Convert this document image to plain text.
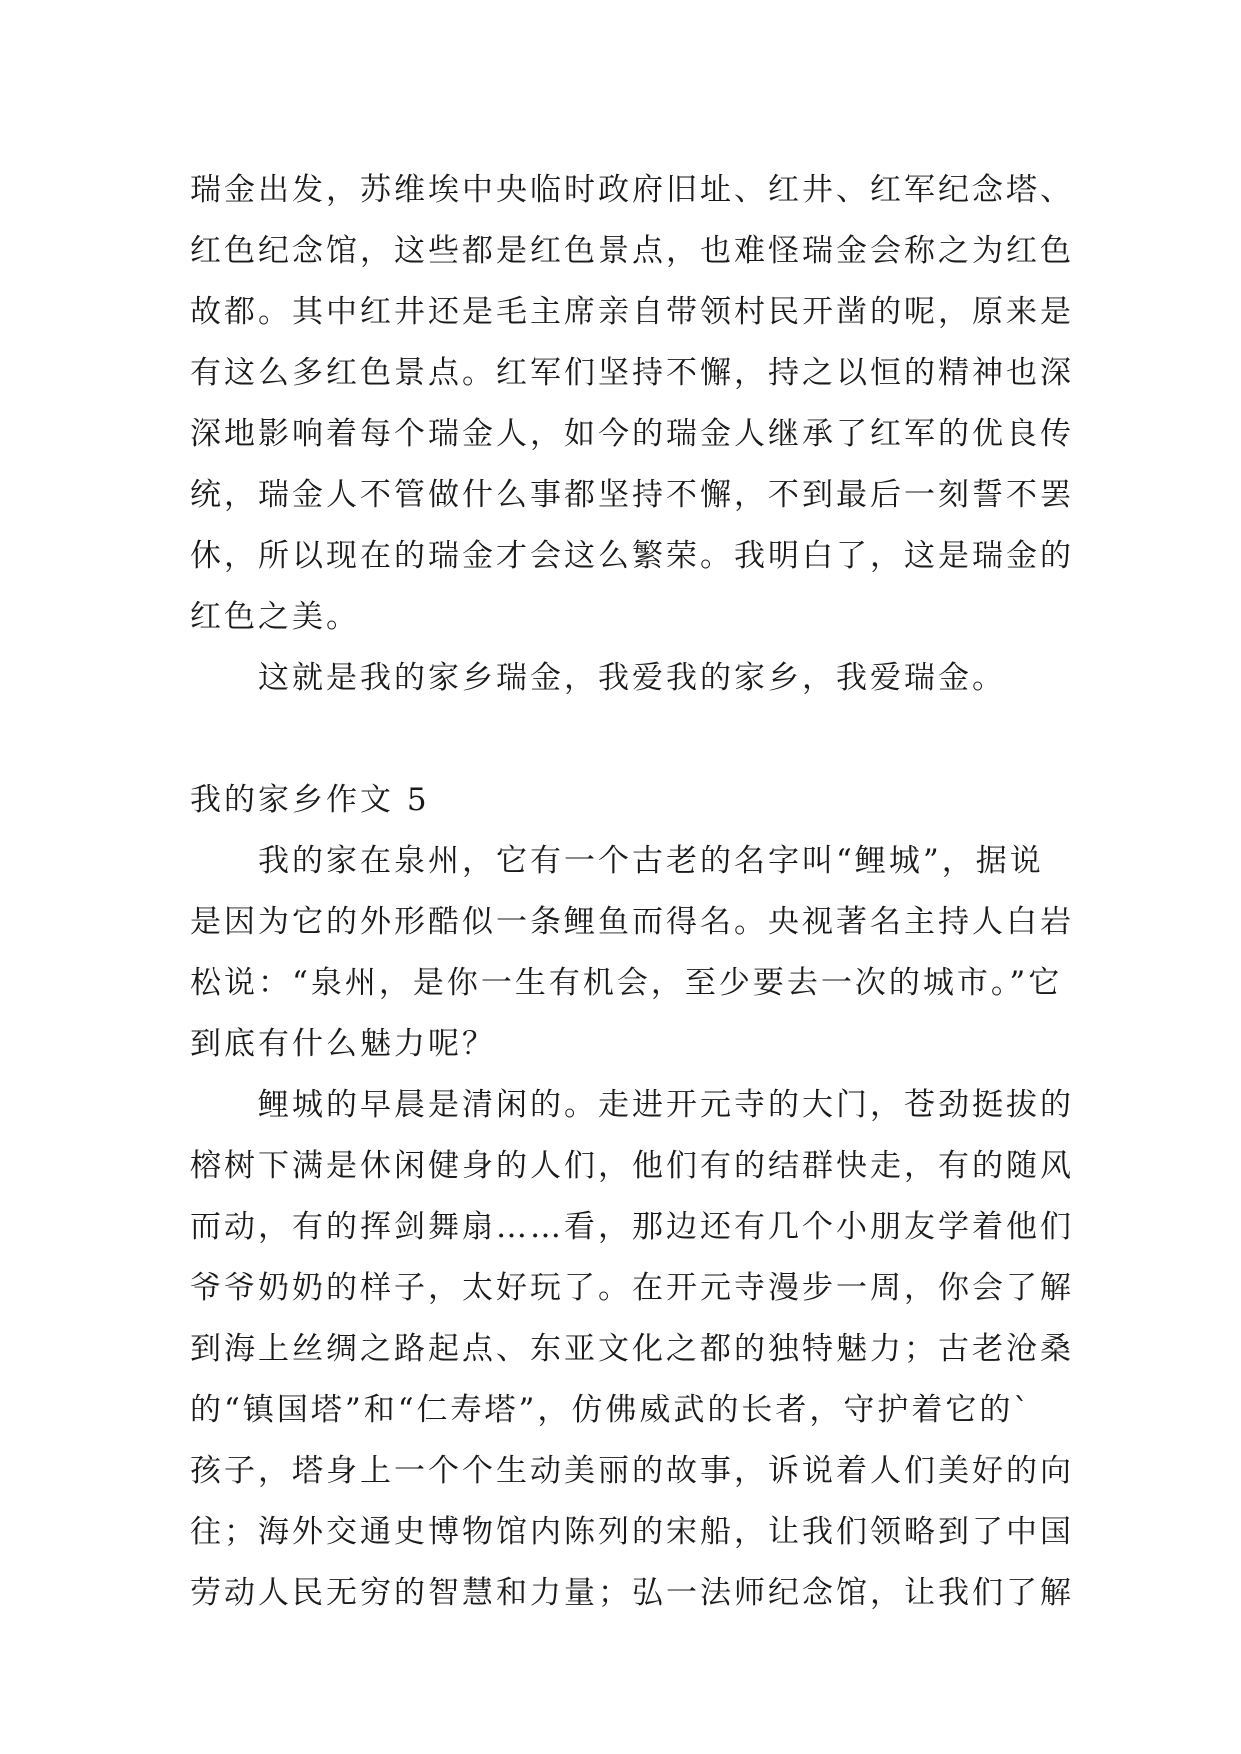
瑞金出发，苏维埃中央临时政府旧址、红井、红军纪念塔、
红色纪念馆，这些都是红色景点，也难怪瑞金会称之为红色
故都。其中红井还是毛主席亲自带领村民开凿的呢，原来是
有这么多红色景点。红军们坚持不懈，持之以恒的精神也深
深地影响着每个瑞金人，如今的瑞金人继承了红军的优良传
统，瑞金人不管做什么事都坚持不懈，不到最后一刻誓不罢
休，所以现在的瑞金才会这么繁荣。我明白了，这是瑞金的
红色之美。
　　这就是我的家乡瑞金，我爱我的家乡，我爱瑞金。
我的家乡作文 5
　　我的家在泉州，它有一个古老的名字叫“鲤城”，据说
是因为它的外形酷似一条鲤鱼而得名。央视著名主持人白岩
松说：“泉州，是你一生有机会，至少要去一次的城市。”它
到底有什么魅力呢？
　　鲤城的早晨是清闲的。走进开元寺的大门，苍劲挺拔的
榕树下满是休闲健身的人们，他们有的结群快走，有的随风
而动，有的挥剑舞扇……看，那边还有几个小朋友学着他们
爷爷奶奶的样子，太好玩了。在开元寺漫步一周，你会了解
到海上丝绸之路起点、东亚文化之都的独特魅力；古老沧桑
的“镇国塔”和“仁寿塔”，仿佛威武的长者，守护着它的`
孩子，塔身上一个个生动美丽的故事，诉说着人们美好的向
往；海外交通史博物馆内陈列的宋船，让我们领略到了中国
劳动人民无穷的智慧和力量；弘一法师纪念馆，让我们了解
